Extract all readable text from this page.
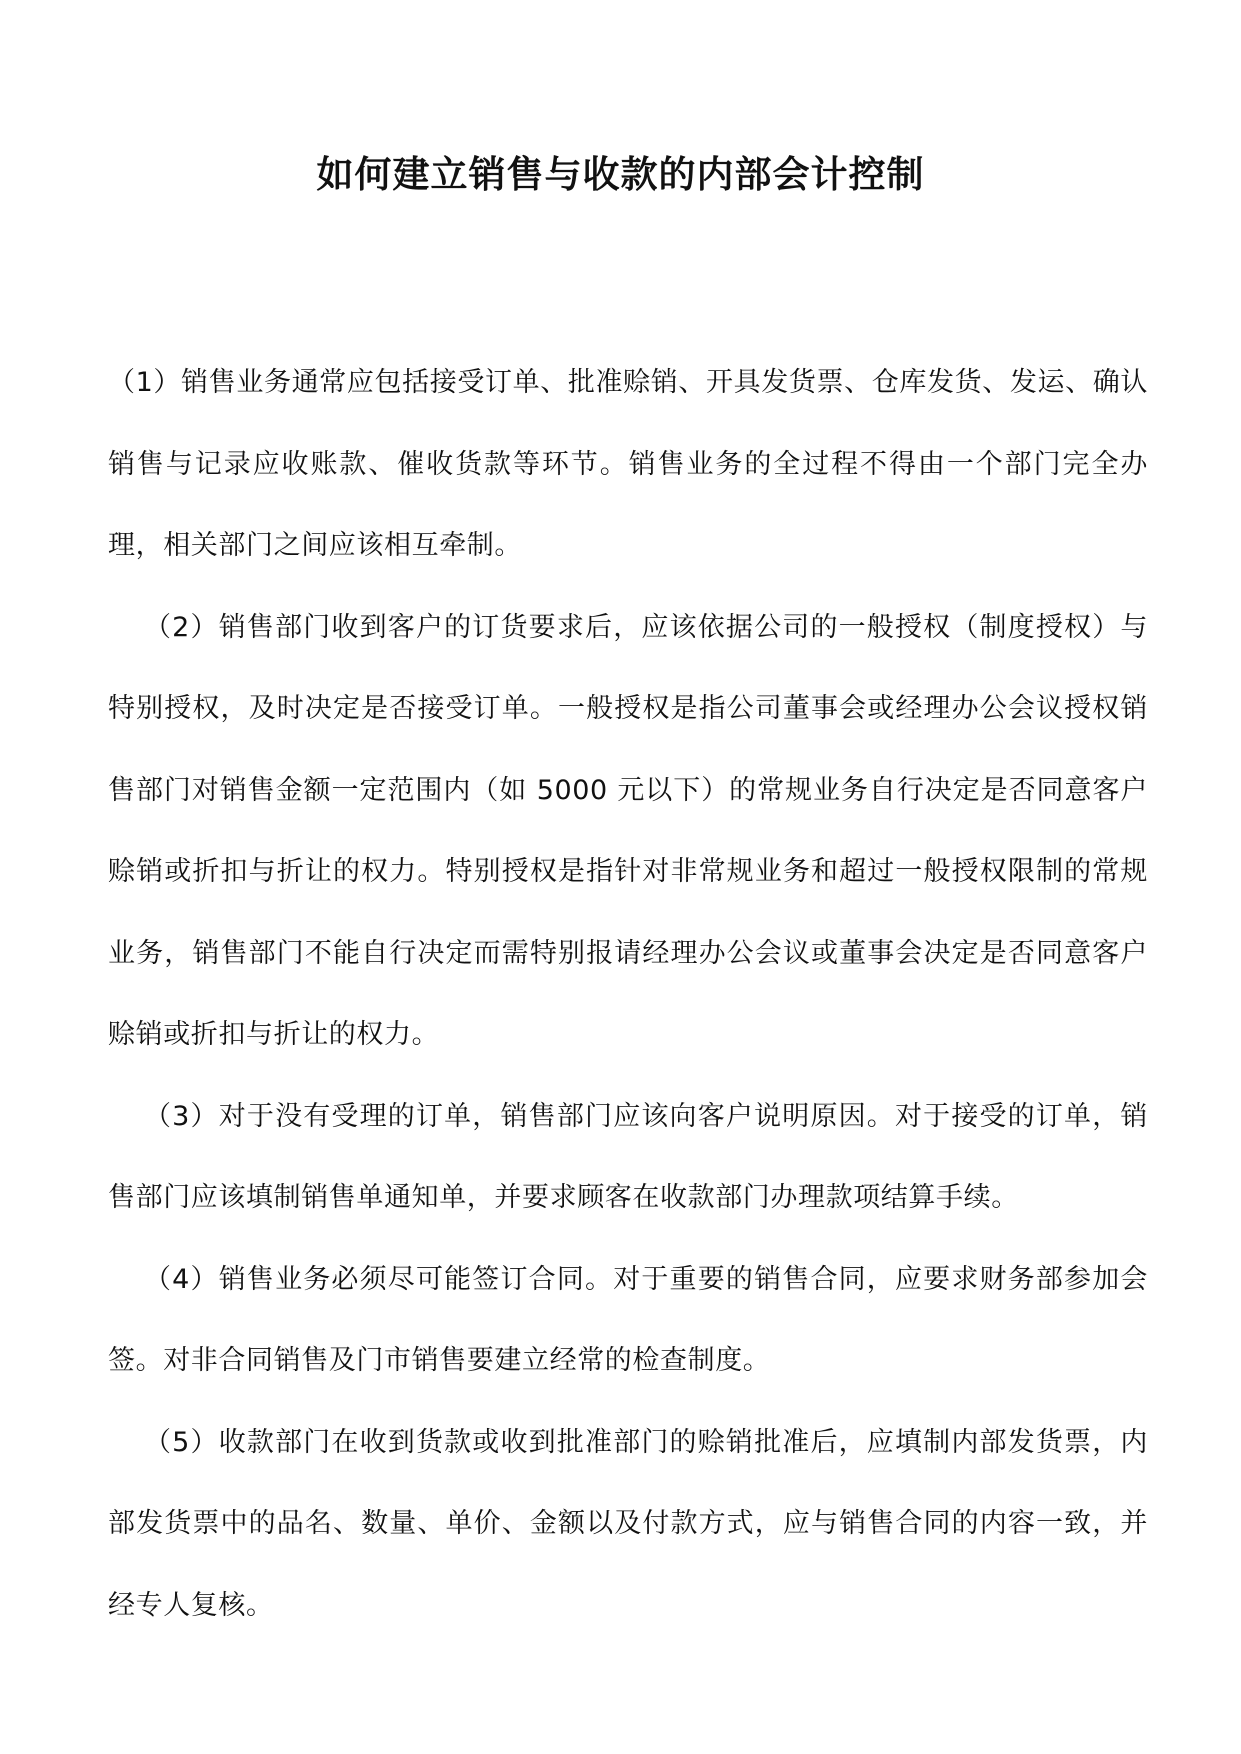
如何建立销售与收款的内部会计控制

（1）销售业务通常应包括接受订单、批准赊销、开具发货票、仓库发货、发运、确认销售与记录应收账款、催收货款等环节。销售业务的全过程不得由一个部门完全办理，相关部门之间应该相互牵制。

（2）销售部门收到客户的订货要求后，应该依据公司的一般授权（制度授权）与特别授权，及时决定是否接受订单。一般授权是指公司董事会或经理办公会议授权销售部门对销售金额一定范围内（如 5000 元以下）的常规业务自行决定是否同意客户赊销或折扣与折让的权力。特别授权是指针对非常规业务和超过一般授权限制的常规业务，销售部门不能自行决定而需特别报请经理办公会议或董事会决定是否同意客户赊销或折扣与折让的权力。

（3）对于没有受理的订单，销售部门应该向客户说明原因。对于接受的订单，销售部门应该填制销售单通知单，并要求顾客在收款部门办理款项结算手续。

（4）销售业务必须尽可能签订合同。对于重要的销售合同，应要求财务部参加会签。对非合同销售及门市销售要建立经常的检查制度。

（5）收款部门在收到货款或收到批准部门的赊销批准后，应填制内部发货票，内部发货票中的品名、数量、单价、金额以及付款方式，应与销售合同的内容一致，并经专人复核。
